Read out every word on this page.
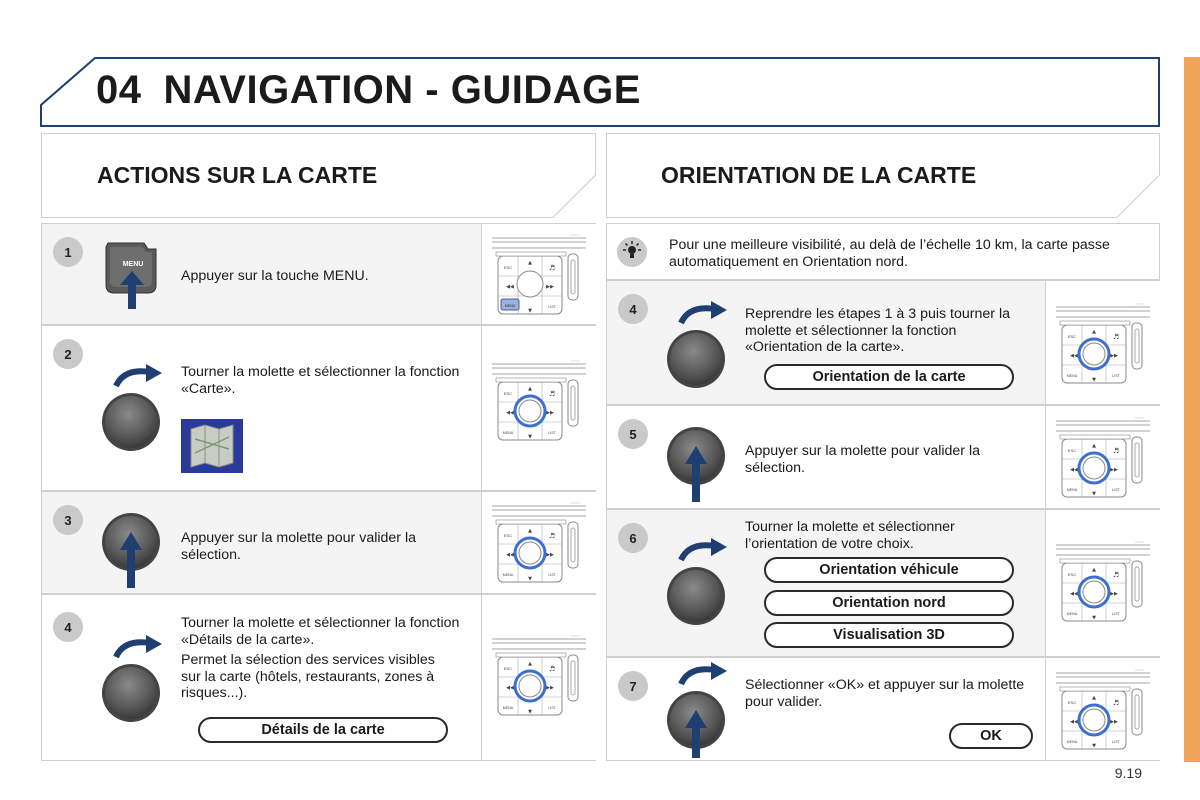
04 NAVIGATION - GUIDAGE
ACTIONS SUR LA CARTE	ORIENTATION DE LA CARTE
1
MENU
Appuyer sur la touche MENU.
○○○○○
ESC	♬
▲
▼
◀◀	▶▶
LIST
MENU
2
Tourner la molette et sélectionner la fonction «Carte».
○○○○○
ESC	♬
▲
▼
◀◀	▶▶
LIST
MENU
3
Appuyer sur la molette pour valider la sélection.
○○○○○
ESC	♬
▲
▼
◀◀	▶▶
LIST
MENU
4	Tourner la molette et sélectionner la fonction «Détails de la carte».
Permet la sélection des services visibles sur la carte (hôtels, restaurants, zones à risques...).
Détails de la carte
○○○○○
ESC	♬
▲
▼
◀◀	▶▶
LIST
MENU
Pour une meilleure visibilité, au delà de l’échelle 10 km, la carte passe automatiquement en Orientation nord.
4	Reprendre les étapes 1 à 3 puis tourner la molette et sélectionner la fonction «Orientation de la carte».
Orientation de la carte
○○○○○
ESC	♬
▲
▼
◀◀	▶▶
LIST
MENU
5
Appuyer sur la molette pour valider la sélection.
○○○○○
ESC	♬
▲
▼
◀◀	▶▶
LIST
MENU
6
Tourner la molette et sélectionner l’orientation de votre choix.
Orientation véhicule
Orientation nord
Visualisation 3D
○○○○○
ESC	♬
▲
▼
◀◀	▶▶
LIST
MENU
7	Sélectionner «OK» et appuyer sur la molette pour valider.
OK
○○○○○
ESC	♬
▲
▼
◀◀	▶▶
LIST
MENU
9.19
